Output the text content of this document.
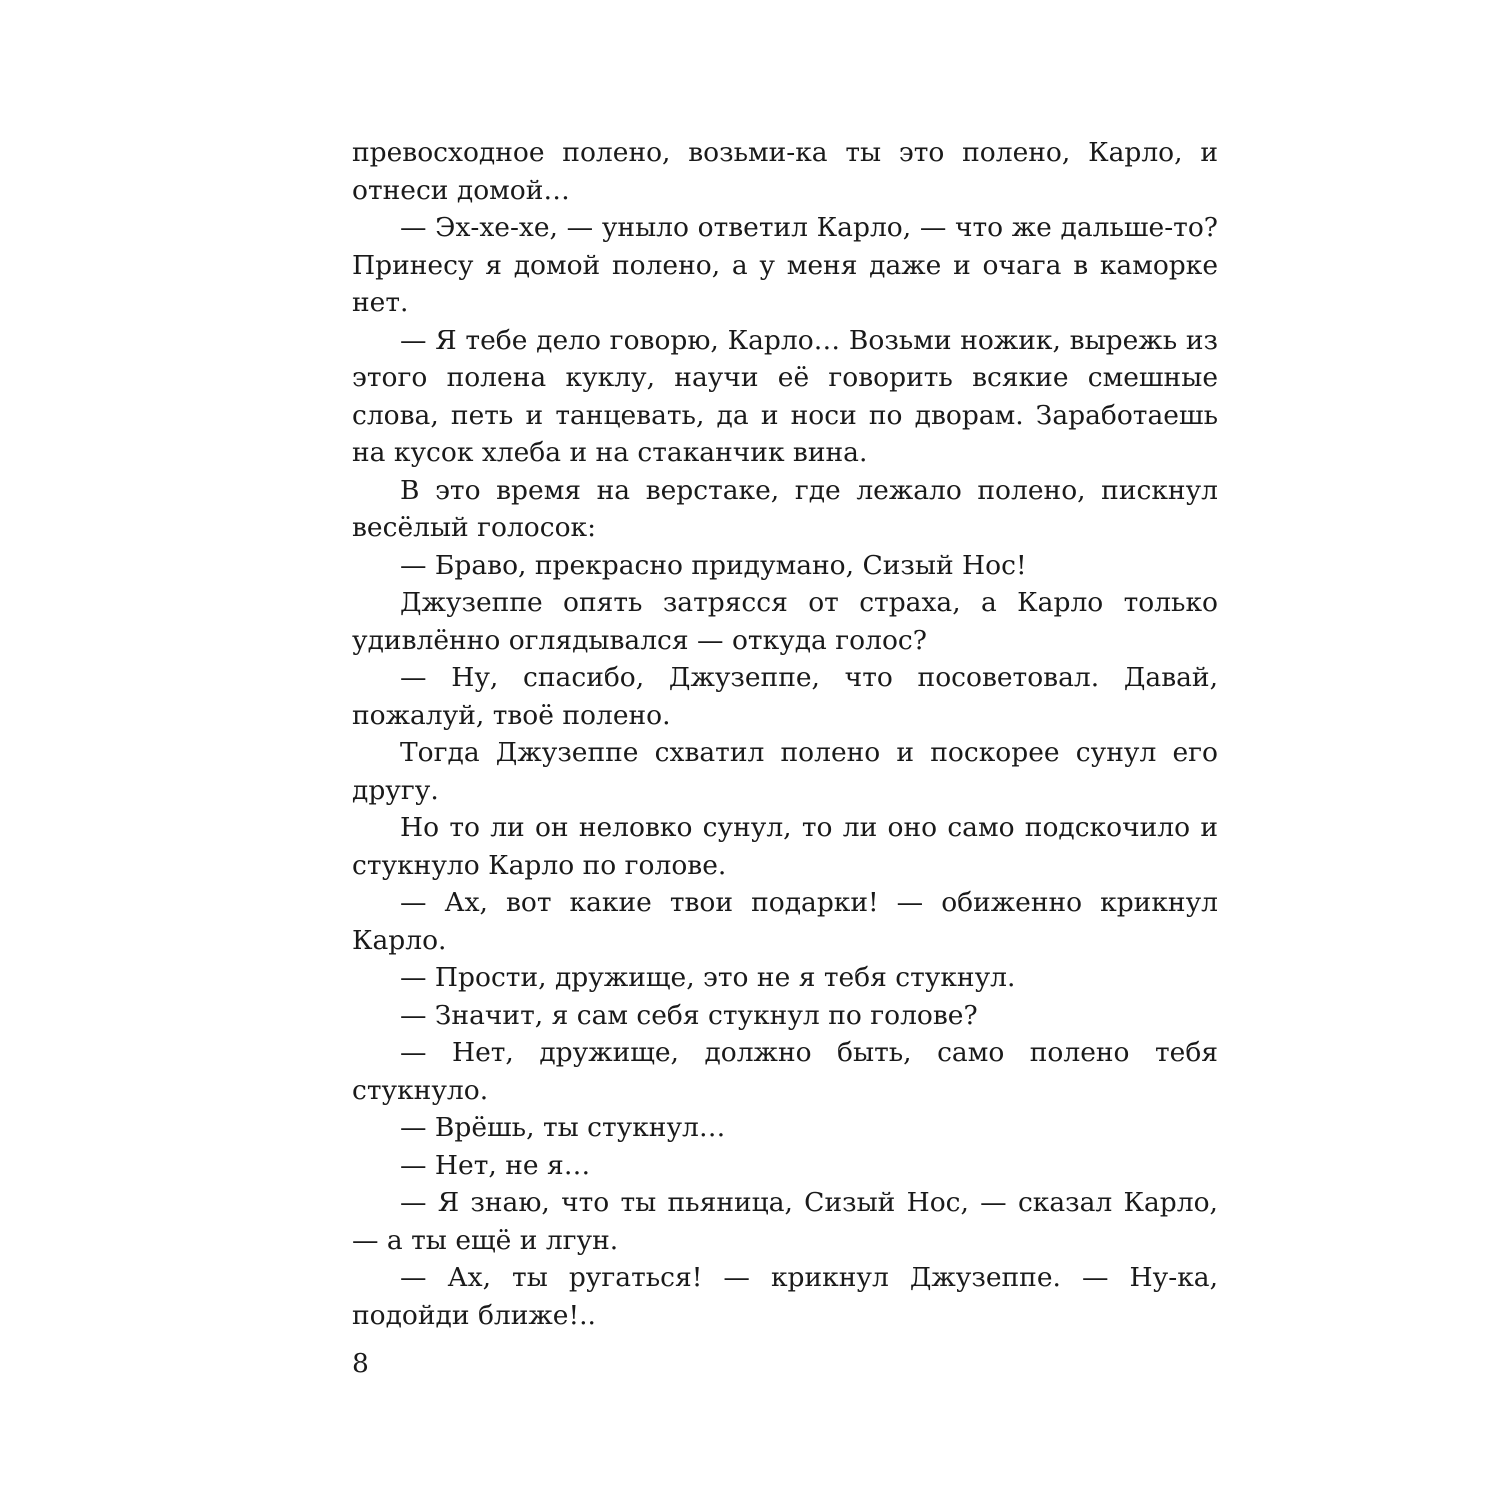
превосходное полено, возьми-ка ты это полено, Карло, и отнеси домой…

— Эх-хе-хе, — уныло ответил Карло, — что же дальше-то? Принесу я домой полено, а у меня даже и очага в каморке нет.

— Я тебе дело говорю, Карло… Возьми ножик, вырежь из этого полена куклу, научи её говорить всякие смешные слова, петь и танцевать, да и носи по дворам. Заработаешь на кусок хлеба и на стаканчик вина.

В это время на верстаке, где лежало полено, пискнул весёлый голосок:

— Браво, прекрасно придумано, Сизый Нос!

Джузеппе опять затрясся от страха, а Карло только удивлённо оглядывался — откуда голос?

— Ну, спасибо, Джузеппе, что посоветовал. Давай, пожалуй, твоё полено.

Тогда Джузеппе схватил полено и поскорее сунул его другу.

Но то ли он неловко сунул, то ли оно само подскочило и стукнуло Карло по голове.

— Ах, вот какие твои подарки! — обиженно крикнул Карло.

— Прости, дружище, это не я тебя стукнул.

— Значит, я сам себя стукнул по голове?

— Нет, дружище, должно быть, само полено тебя стукнуло.

— Врёшь, ты стукнул…

— Нет, не я…

— Я знаю, что ты пьяница, Сизый Нос, — сказал Карло, — а ты ещё и лгун.

— Ах, ты ругаться! — крикнул Джузеппе. — Ну-ка, подойди ближе!..

8
